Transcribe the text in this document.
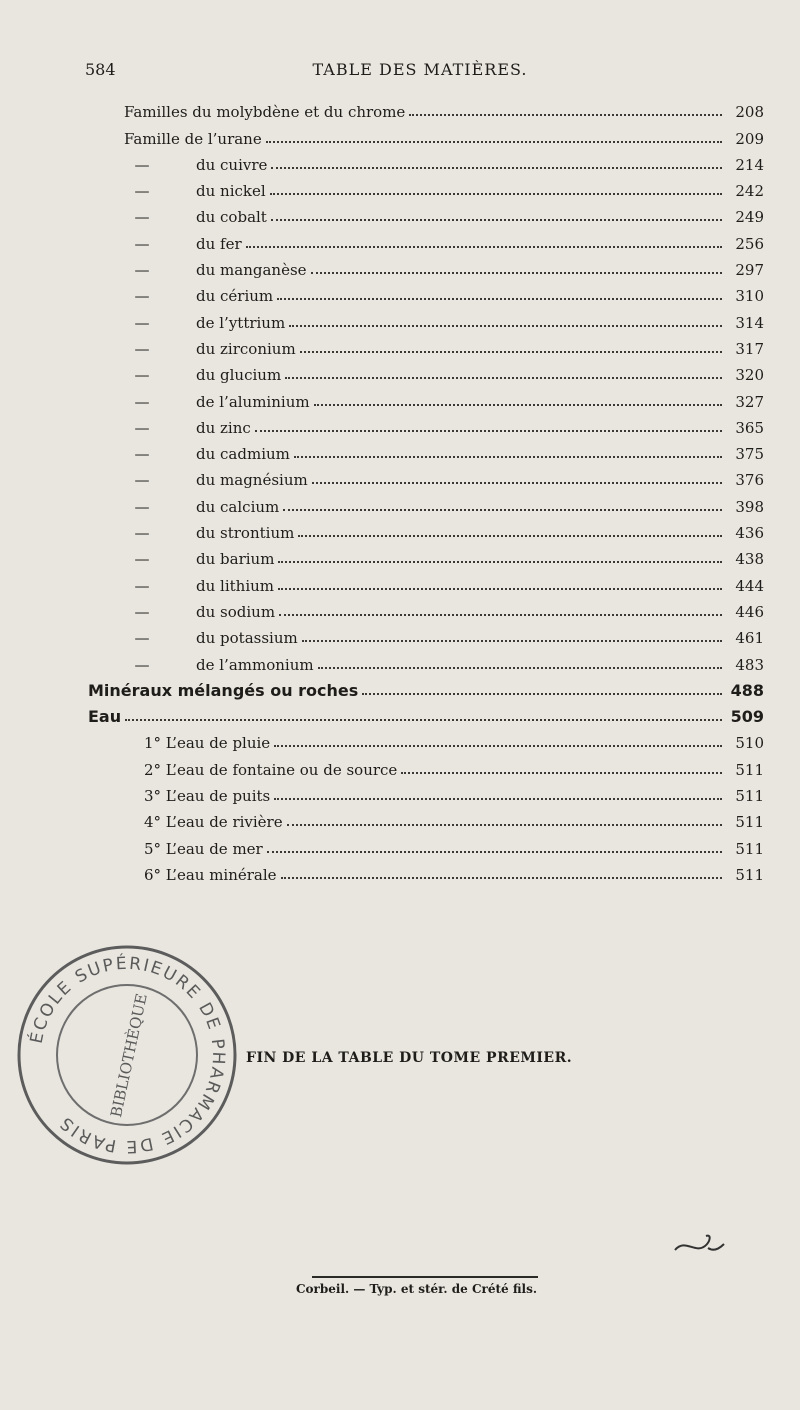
584	TABLE DES MATIÈRES.
Familles du molybdène et du chrome	208
Famille de l’urane	209
—	du cuivre	214
—	du nickel	242
—	du cobalt	249
—	du fer	256
—	du manganèse	297
—	du cérium	310
—	de l’yttrium	314
—	du zirconium	317
—	du glucium	320
—	de l’aluminium	327
—	du zinc	365
—	du cadmium	375
—	du magnésium	376
—	du calcium	398
—	du strontium	436
—	du barium	438
—	du lithium	444
—	du sodium	446
—	du potassium	461
—	de l’ammonium	483
Minéraux mélangés ou roches	488
Eau	509
1° L’eau de pluie	510
2° L’eau de fontaine ou de source	511
3° L’eau de puits	511
4° L’eau de rivière	511
5° L’eau de mer	511
6° L’eau minérale	511
ÉCOLE SUPÉRIEURE DE PHARMACIE DE PARIS
BIBLIOTHÈQUE	FIN DE LA TABLE DU TOME PREMIER.
Corbeil. — Typ. et stér. de Crété fils.
